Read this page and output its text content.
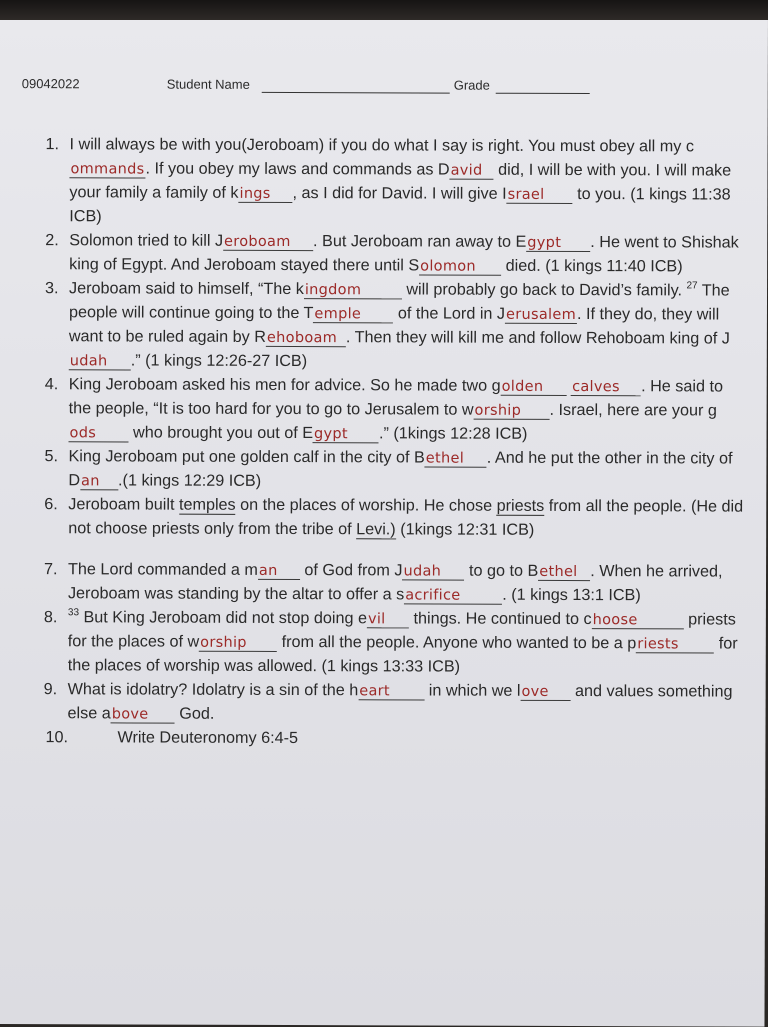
09042022	Student Name	Grade
1. I will always be with you(Jeroboam) if you do what I say is right. You must obey all my commands. If you obey my laws and commands as David did, I will be with you. I will make your family a family of kings , as I did for David. I will give Israel to you. (1 kings 11:38 ICB)
2. Solomon tried to kill Jeroboam . But Jeroboam ran away to Egypt . He went to Shishak king of Egypt. And Jeroboam stayed there until Solomon died. (1 kings 11:40 ICB)
3. Jeroboam said to himself, “The kingdom	will probably go back to David’s family. $^{27}$ The people will continue going to the Temple of the Lord in Jerusalem. If they do, they will want to be ruled again by Rehoboam . Then they will kill me and follow Rehoboam king of Judah .” (1 kings 12:26-27 ICB)
4. King Jeroboam asked his men for advice. So he made two golden calves . He said to the people, “It is too hard for you to go to Jerusalem to worship . Israel, here are your gods who brought you out of Egypt .” (1kings 12:28 ICB)
5. King Jeroboam put one golden calf in the city of Bethel . And he put the other in the city of Dan .(1 kings 12:29 ICB)
6. Jeroboam built temples on the places of worship. He chose priests from all the people. (He did not choose priests only from the tribe of Levi.) (1kings 12:31 ICB)
7. The Lord commanded a man of God from Judah to go to Bethel . When he arrived, Jeroboam was standing by the altar to offer a sacrifice	. (1 kings 13:1 ICB)
8. $^{33}$ But King Jeroboam did not stop doing evil things. He continued to choose	priests for the places of worship from all the people. Anyone who wanted to be a priests for the places of worship was allowed. (1 kings 13:33 ICB)
9. What is idolatry? Idolatry is a sin of the heart in which we love and values something else above God.
10.	Write Deuteronomy 6:4-5
